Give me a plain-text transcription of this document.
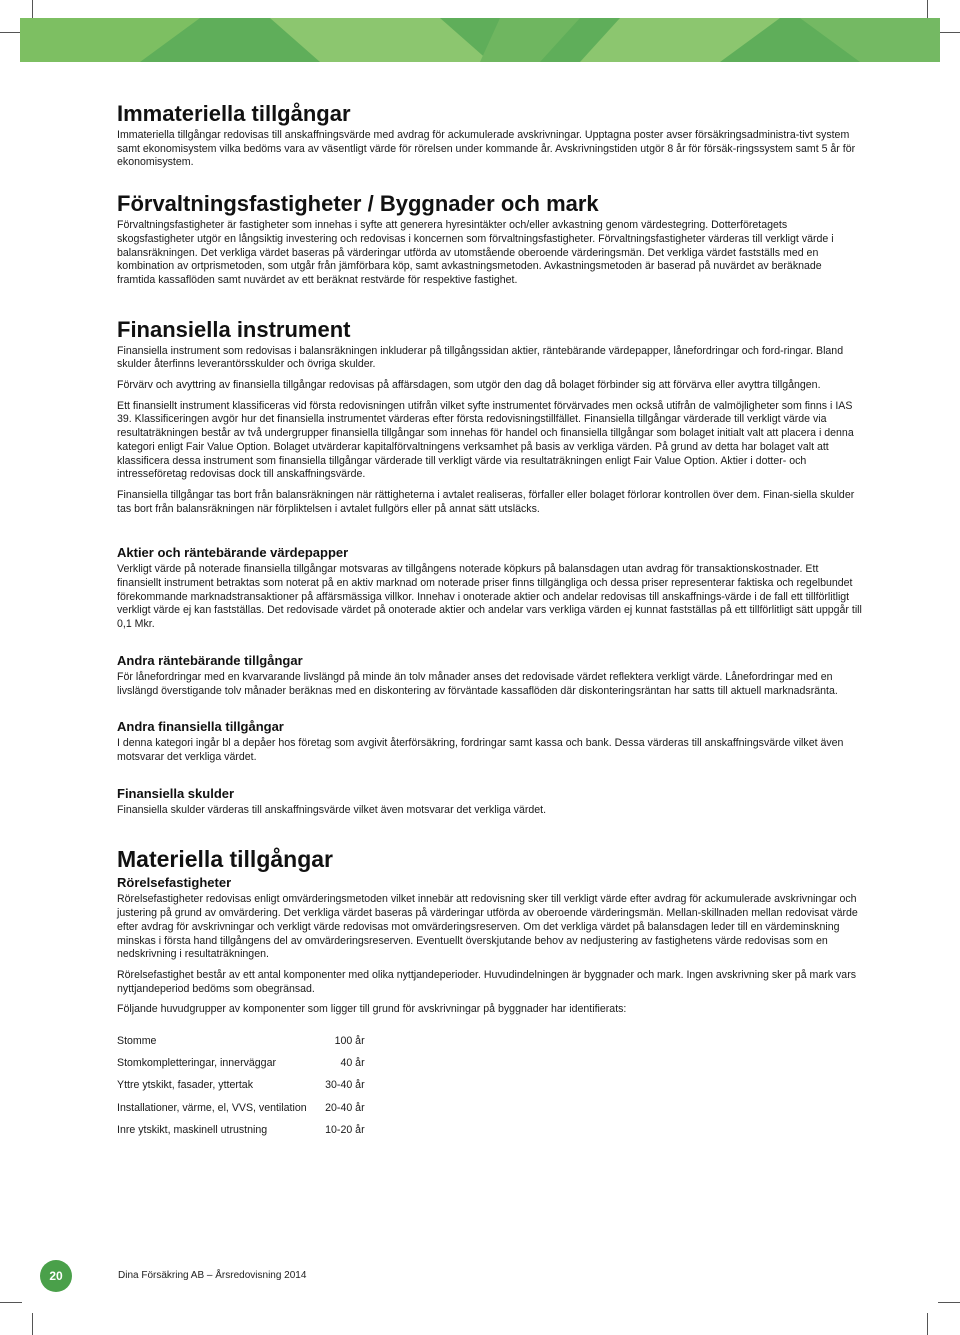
Immateriella tillgångar

Immateriella tillgångar redovisas till anskaffningsvärde med avdrag för ackumulerade avskrivningar. Upptagna poster avser försäkringsadministra-tivt system samt ekonomisystem vilka bedöms vara av väsentligt värde för rörelsen under kommande år. Avskrivningstiden utgör 8 år för försäk-ringssystem samt 5 år för ekonomisystem.

Förvaltningsfastigheter / Byggnader och mark

Förvaltningsfastigheter är fastigheter som innehas i syfte att generera hyresintäkter och/eller avkastning genom värdestegring. Dotterföretagets skogsfastigheter utgör en långsiktig investering och redovisas i koncernen som förvaltningsfastigheter. Förvaltningsfastigheter värderas till verkligt värde i balansräkningen. Det verkliga värdet baseras på värderingar utförda av utomstående oberoende värderingsmän. Det verkliga värdet fastställs med en kombination av ortprismetoden, som utgår från jämförbara köp, samt avkastningsmetoden. Avkastningsmetoden är baserad på nuvärdet av beräknade framtida kassaflöden samt nuvärdet av ett beräknat restvärde för respektive fastighet.

Finansiella instrument

Finansiella instrument som redovisas i balansräkningen inkluderar på tillgångssidan aktier, räntebärande värdepapper, lånefordringar och ford-ringar. Bland skulder återfinns leverantörsskulder och övriga skulder.

Förvärv och avyttring av finansiella tillgångar redovisas på affärsdagen, som utgör den dag då bolaget förbinder sig att förvärva eller avyttra tillgången.

Ett finansiellt instrument klassificeras vid första redovisningen utifrån vilket syfte instrumentet förvärvades men också utifrån de valmöjligheter som finns i IAS 39. Klassificeringen avgör hur det finansiella instrumentet värderas efter första redovisningstillfället. Finansiella tillgångar värderade till verkligt värde via resultaträkningen består av två undergrupper finansiella tillgångar som innehas för handel och finansiella tillgångar som bolaget initialt valt att placera i denna kategori enligt Fair Value Option. Bolaget utvärderar kapitalförvaltningens verksamhet på basis av verkliga värden. På grund av detta har bolaget valt att klassificera dessa instrument som finansiella tillgångar värderade till verkligt värde via resultaträkningen enligt Fair Value Option. Aktier i dotter- och intresseföretag redovisas dock till anskaffningsvärde.

Finansiella tillgångar tas bort från balansräkningen när rättigheterna i avtalet realiseras, förfaller eller bolaget förlorar kontrollen över dem. Finan-siella skulder tas bort från balansräkningen när förpliktelsen i avtalet fullgörs eller på annat sätt utsläcks.

Aktier och räntebärande värdepapper

Verkligt värde på noterade finansiella tillgångar motsvaras av tillgångens noterade köpkurs på balansdagen utan avdrag för transaktionskostnader. Ett finansiellt instrument betraktas som noterat på en aktiv marknad om noterade priser finns tillgängliga och dessa priser representerar faktiska och regelbundet förekommande marknadstransaktioner på affärsmässiga villkor. Innehav i onoterade aktier och andelar redovisas till anskaffnings-värde i de fall ett tillförlitligt verkligt värde ej kan fastställas. Det redovisade värdet på onoterade aktier och andelar vars verkliga värden ej kunnat fastställas på ett tillförlitligt sätt uppgår till 0,1 Mkr.

Andra räntebärande tillgångar

För lånefordringar med en kvarvarande livslängd på minde än tolv månader anses det redovisade värdet reflektera verkligt värde. Lånefordringar med en livslängd överstigande tolv månader beräknas med en diskontering av förväntade kassaflöden där diskonteringsräntan har satts till aktuell marknadsränta.

Andra finansiella tillgångar

I denna kategori ingår bl a depåer hos företag som avgivit återförsäkring, fordringar samt kassa och bank. Dessa värderas till anskaffningsvärde vilket även motsvarar det verkliga värdet.

Finansiella skulder

Finansiella skulder värderas till anskaffningsvärde vilket även motsvarar det verkliga värdet.

Materiella tillgångar
Rörelsefastigheter

Rörelsefastigheter redovisas enligt omvärderingsmetoden vilket innebär att redovisning sker till verkligt värde efter avdrag för ackumulerade avskrivningar och justering på grund av omvärdering. Det verkliga värdet baseras på värderingar utförda av oberoende värderingsmän. Mellan-skillnaden mellan redovisat värde efter avdrag för avskrivningar och verkligt värde redovisas mot omvärderingsreserven. Om det verkliga värdet på balansdagen leder till en värdeminskning minskas i första hand tillgångens del av omvärderingsreserven. Eventuellt överskjutande behov av nedjustering av fastighetens värde redovisas som en nedskrivning i resultaträkningen.

Rörelsefastighet består av ett antal komponenter med olika nyttjandeperioder. Huvudindelningen är byggnader och mark. Ingen avskrivning sker på mark vars nyttjandeperiod bedöms som obegränsad.

Följande huvudgrupper av komponenter som ligger till grund för avskrivningar på byggnader har identifierats:

Stomme	100 år
Stomkompletteringar, innerväggar	40 år
Yttre ytskikt, fasader, yttertak	30-40 år
Installationer, värme, el, VVS, ventilation	20-40 år
Inre ytskikt, maskinell utrustning	10-20 år
20	Dina Försäkring AB – Årsredovisning 2014
